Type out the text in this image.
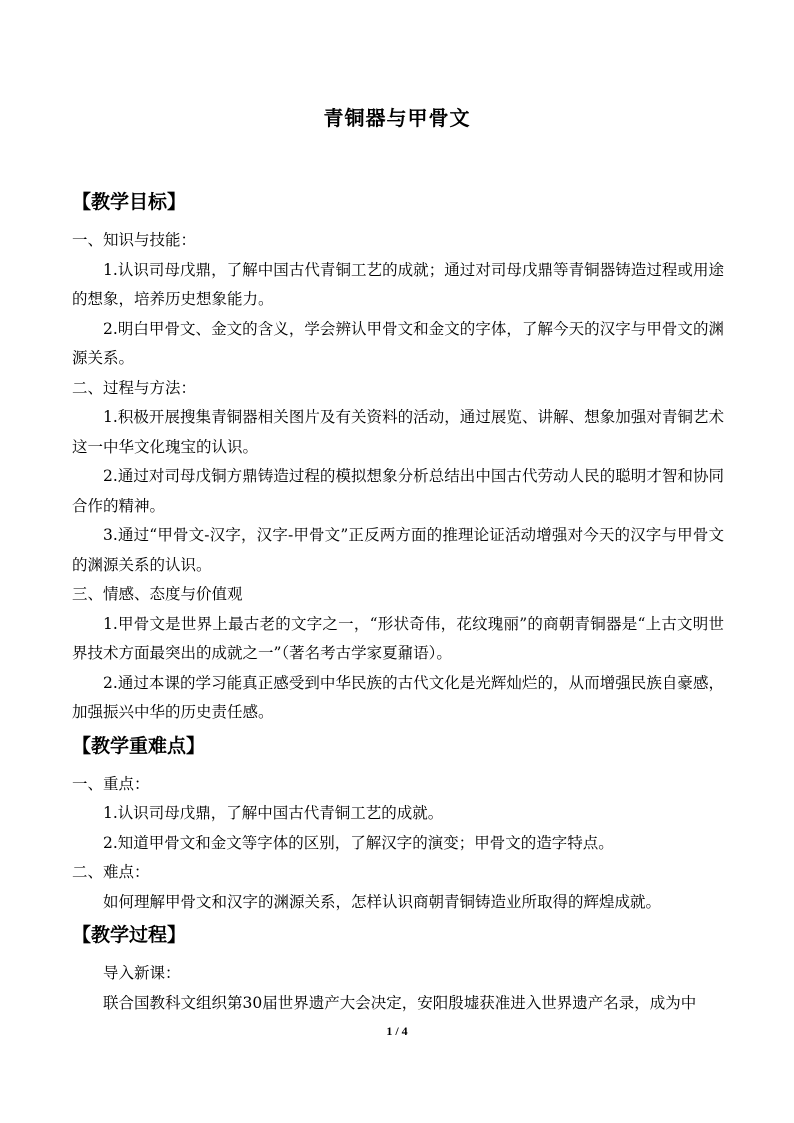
青铜器与甲骨文

【教学目标】

一、知识与技能：

1.认识司母戊鼎，了解中国古代青铜工艺的成就；通过对司母戊鼎等青铜器铸造过程或用途的想象，培养历史想象能力。

2.明白甲骨文、金文的含义，学会辨认甲骨文和金文的字体，了解今天的汉字与甲骨文的渊源关系。

二、过程与方法：

1.积极开展搜集青铜器相关图片及有关资料的活动，通过展览、讲解、想象加强对青铜艺术这一中华文化瑰宝的认识。

2.通过对司母戊铜方鼎铸造过程的模拟想象分析总结出中国古代劳动人民的聪明才智和协同合作的精神。

3.通过“甲骨文-汉字，汉字-甲骨文”正反两方面的推理论证活动增强对今天的汉字与甲骨文的渊源关系的认识。

三、情感、态度与价值观

1.甲骨文是世界上最古老的文字之一，“形状奇伟，花纹瑰丽”的商朝青铜器是“上古文明世界技术方面最突出的成就之一”（著名考古学家夏鼐语）。

2.通过本课的学习能真正感受到中华民族的古代文化是光辉灿烂的，从而增强民族自豪感，加强振兴中华的历史责任感。

【教学重难点】

一、重点：

1.认识司母戊鼎，了解中国古代青铜工艺的成就。

2.知道甲骨文和金文等字体的区别，了解汉字的演变；甲骨文的造字特点。

二、难点：

如何理解甲骨文和汉字的渊源关系，怎样认识商朝青铜铸造业所取得的辉煌成就。

【教学过程】

导入新课：

联合国教科文组织第30届世界遗产大会决定，安阳殷墟获准进入世界遗产名录，成为中

1 / 4
